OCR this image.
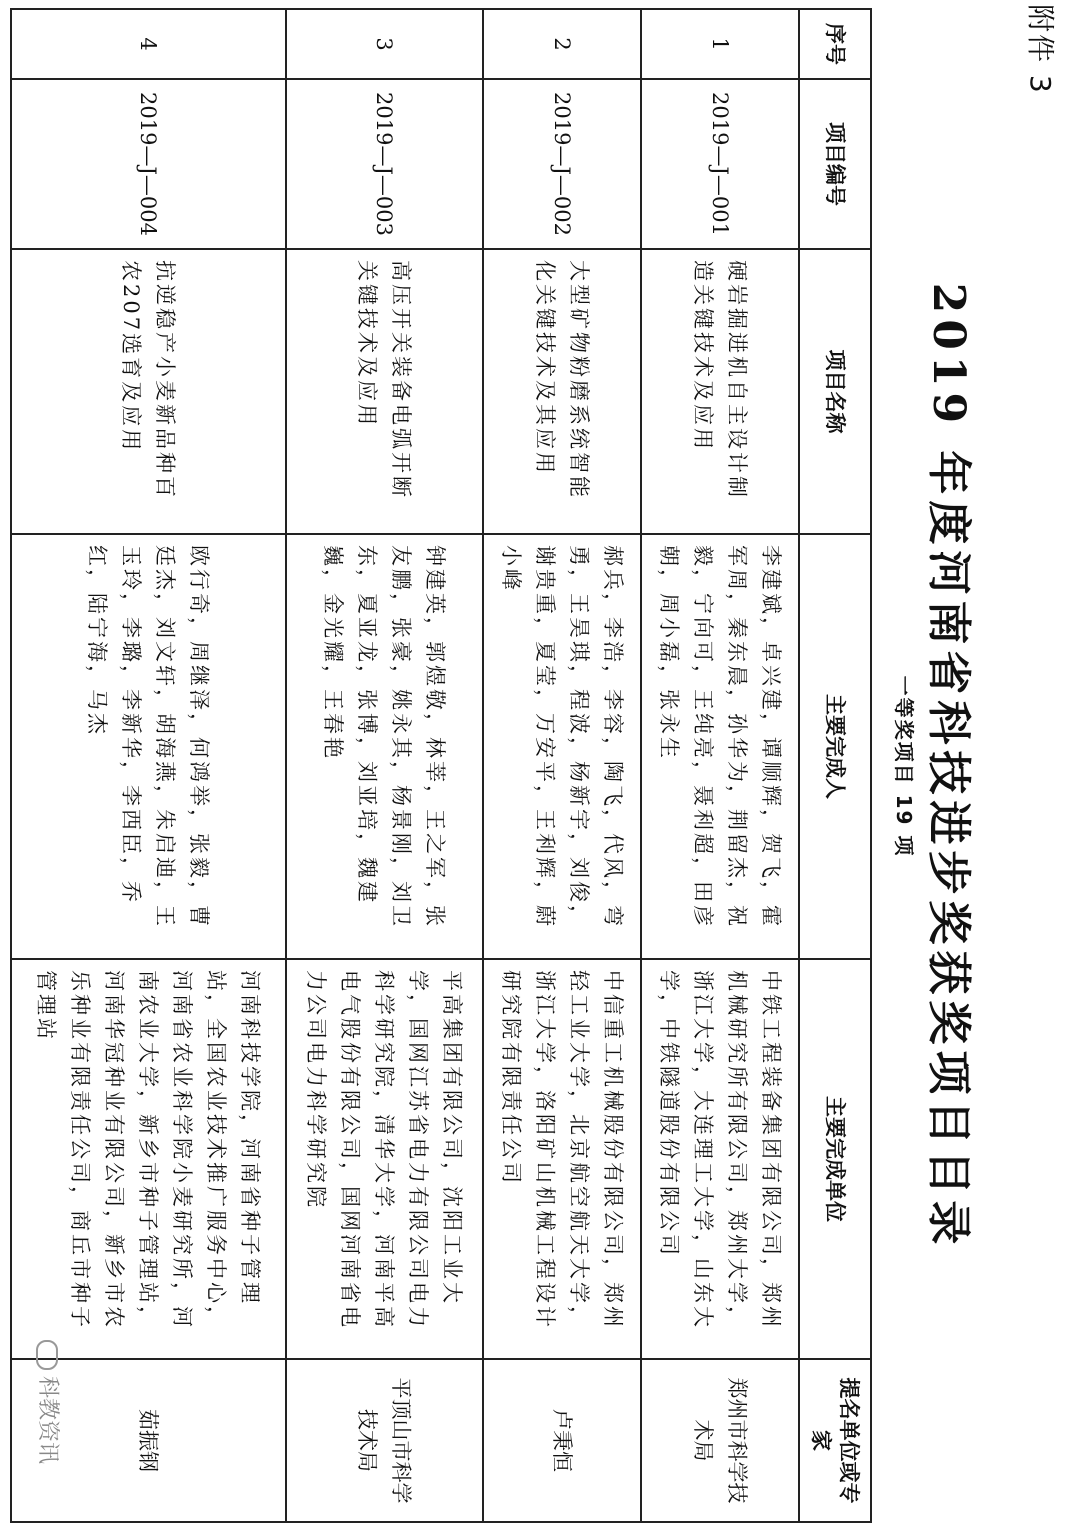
附件 3
2019 年度河南省科技进步奖获奖项目目录
一等奖项目 19 项
序号	项目编号	项目名称	主要完成人	主要完成单位	提名单位或专家
1	2019—J—001	硬岩掘进机自主设计制造关键技术及应用	李建斌，卓兴建，谭顺辉，贺飞，霍军周，秦东晨，孙华为，荆留杰，祝毅，宁向可，王纯亮，聂利超，田彦朝，周小磊，张永生	中铁工程装备集团有限公司，郑州机械研究所有限公司，郑州大学，浙江大学，大连理工大学，山东大学，中铁隧道股份有限公司	郑州市科学技术局
2	2019—J—002	大型矿物粉磨系统智能化关键技术及其应用	郝兵，李浩，李容，陶飞，代风，弯勇，王昊琪，程波，杨新宇，刘俊，谢贵重，夏莹，万安平，王利辉，蔚小峰	中信重工机械股份有限公司，郑州轻工业大学，北京航空航天大学，浙江大学，洛阳矿山机械工程设计研究院有限责任公司	卢秉恒
3	2019—J—003	高压开关装备电弧开断关键技术及应用	钟建英，郭煜敬，林莘，王之军，张友鹏，张豪，姚永其，杨景刚，刘卫东，夏亚龙，张博，刘亚培，魏建巍，金光耀，王春艳	平高集团有限公司，沈阳工业大学，国网江苏省电力有限公司电力科学研究院，清华大学，河南平高电气股份有限公司，国网河南省电力公司电力科学研究院	平顶山市科学技术局
4	2019—J—004	抗逆稳产小麦新品种百农207选育及应用	欧行奇，周继泽，何鸿举，张毅，曹廷杰，刘文轩，胡海燕，朱启迪，王玉玲，李璐，李新华，李西臣，乔红，陆宁海，马杰	河南科技学院，河南省种子管理站，全国农业技术推广服务中心，河南省农业科学院小麦研究所，河南农业大学，新乡市种子管理站，河南华冠种业有限公司，新乡市农乐种业有限责任公司，商丘市种子管理站	茹振钢
科教资讯
